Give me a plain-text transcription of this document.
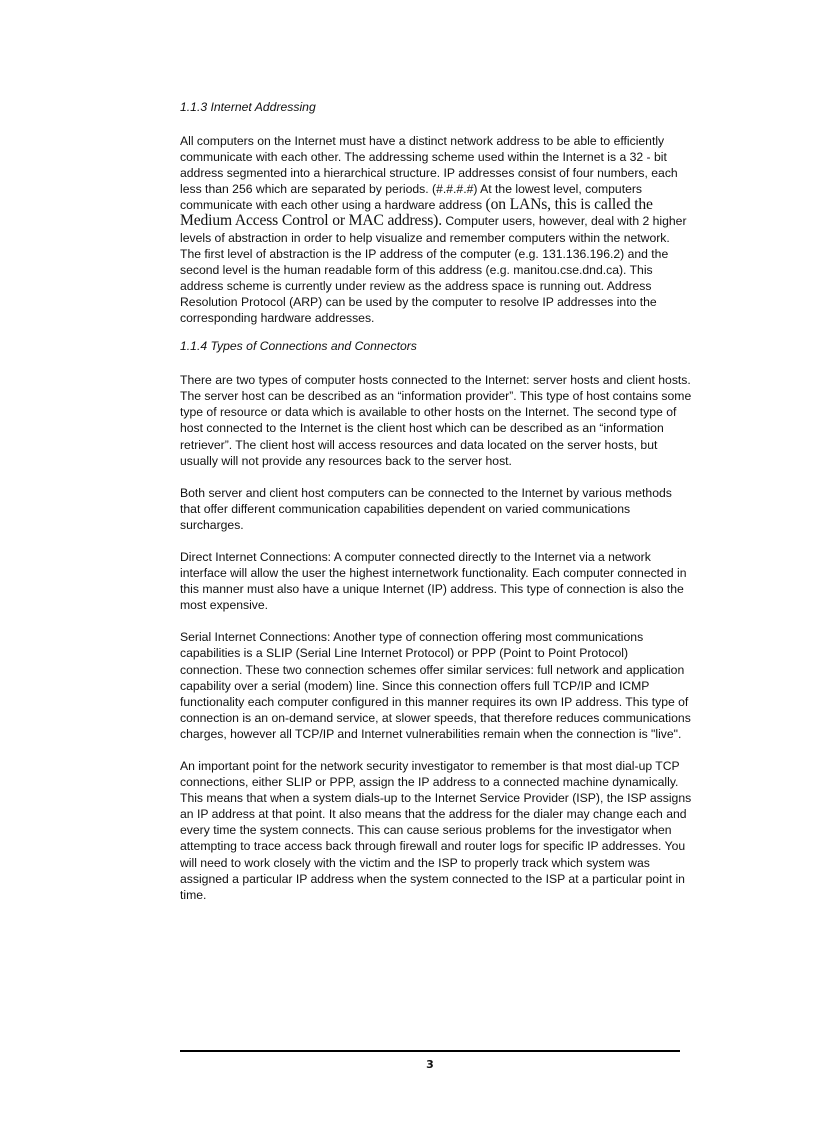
1.1.3 Internet Addressing

All computers on the Internet must have a distinct network address to be able to efficiently communicate with each other. The addressing scheme used within the Internet is a 32 - bit address segmented into a hierarchical structure. IP addresses consist of four numbers, each less than 256 which are separated by periods. (#.#.#.#) At the lowest level, computers communicate with each other using a hardware address (on LANs, this is called the Medium Access Control or MAC address). Computer users, however, deal with 2 higher levels of abstraction in order to help visualize and remember computers within the network. The first level of abstraction is the IP address of the computer (e.g. 131.136.196.2) and the second level is the human readable form of this address (e.g. manitou.cse.dnd.ca). This address scheme is currently under review as the address space is running out. Address Resolution Protocol (ARP) can be used by the computer to resolve IP addresses into the corresponding hardware addresses.

1.1.4 Types of Connections and Connectors

There are two types of computer hosts connected to the Internet: server hosts and client hosts. The server host can be described as an “information provider”. This type of host contains some type of resource or data which is available to other hosts on the Internet. The second type of host connected to the Internet is the client host which can be described as an “information retriever”. The client host will access resources and data located on the server hosts, but usually will not provide any resources back to the server host.

Both server and client host computers can be connected to the Internet by various methods that offer different communication capabilities dependent on varied communications surcharges.

Direct Internet Connections: A computer connected directly to the Internet via a network interface will allow the user the highest internetwork functionality. Each computer connected in this manner must also have a unique Internet (IP) address. This type of connection is also the most expensive.

Serial Internet Connections: Another type of connection offering most communications capabilities is a SLIP (Serial Line Internet Protocol) or PPP (Point to Point Protocol) connection. These two connection schemes offer similar services: full network and application capability over a serial (modem) line. Since this connection offers full TCP/IP and ICMP functionality each computer configured in this manner requires its own IP address. This type of connection is an on-demand service, at slower speeds, that therefore reduces communications charges, however all TCP/IP and Internet vulnerabilities remain when the connection is "live".

An important point for the network security investigator to remember is that most dial-up TCP connections, either SLIP or PPP, assign the IP address to a connected machine dynamically. This means that when a system dials-up to the Internet Service Provider (ISP), the ISP assigns an IP address at that point. It also means that the address for the dialer may change each and every time the system connects. This can cause serious problems for the investigator when attempting to trace access back through firewall and router logs for specific IP addresses. You will need to work closely with the victim and the ISP to properly track which system was assigned a particular IP address when the system connected to the ISP at a particular point in time.

3
